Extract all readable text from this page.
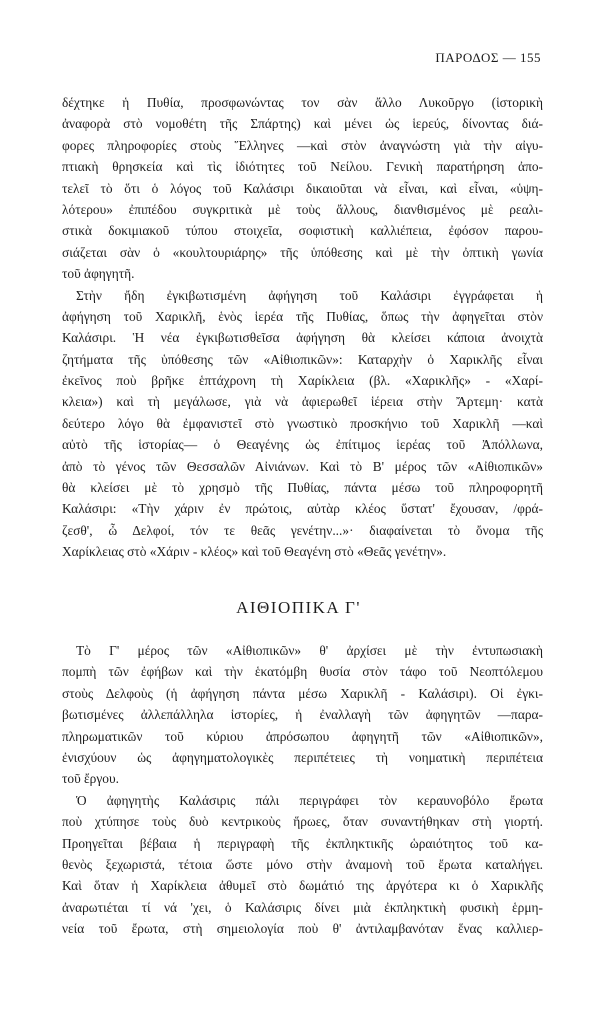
ΠΑΡΟΔΟΣ — 155
δέχτηκε ἡ Πυθία, προσφωνώντας τον σὰν ἄλλο Λυκοῦργο (ἱστορικὴ
ἀναφορὰ στὸ νομοθέτη τῆς Σπάρτης) καὶ μένει ὡς ἱερεύς, δίνοντας διά-
φορες πληροφορίες στοὺς Ἕλληνες —καὶ στὸν ἀναγνώστη γιὰ τὴν αἰγυ-
πτιακὴ θρησκεία καὶ τὶς ἰδιότητες τοῦ Νείλου. Γενικὴ παρατήρηση ἀπο-
τελεῖ τὸ ὅτι ὁ λόγος τοῦ Καλάσιρι δικαιοῦται νὰ εἶναι, καὶ εἶναι, «ὑψη-
λότερου» ἐπιπέδου συγκριτικὰ μὲ τοὺς ἄλλους, διανθισμένος μὲ ρεαλι-
στικὰ δοκιμιακοῦ τύπου στοιχεῖα, σοφιστικὴ καλλιέπεια, ἐφόσον παρου-
σιάζεται σὰν ὁ «κουλτουριάρης» τῆς ὑπόθεσης καὶ μὲ τὴν ὀπτικὴ γωνία
τοῦ ἀφηγητῆ.
Στὴν ἤδη ἐγκιβωτισμένη ἀφήγηση τοῦ Καλάσιρι ἐγγράφεται ἡ
ἀφήγηση τοῦ Χαρικλῆ, ἑνὸς ἱερέα τῆς Πυθίας, ὅπως τὴν ἀφηγεῖται στὸν
Καλάσιρι. Ἡ νέα ἐγκιβωτισθεῖσα ἀφήγηση θὰ κλείσει κάποια ἀνοιχτὰ
ζητήματα τῆς ὑπόθεσης τῶν «Αἰθιοπικῶν»: Καταρχὴν ὁ Χαρικλῆς εἶναι
ἐκεῖνος ποὺ βρῆκε ἑπτάχρονη τὴ Χαρίκλεια (βλ. «Χαρικλῆς» - «Χαρί-
κλεια») καὶ τὴ μεγάλωσε, γιὰ νὰ ἀφιερωθεῖ ἱέρεια στὴν Ἄρτεμη· κατὰ
δεύτερο λόγο θὰ ἐμφανιστεῖ στὸ γνωστικὸ προσκήνιο τοῦ Χαρικλῆ —καὶ
αὐτὸ τῆς ἱστορίας— ὁ Θεαγένης ὡς ἐπίτιμος ἱερέας τοῦ Ἀπόλλωνα,
ἀπὸ τὸ γένος τῶν Θεσσαλῶν Αἰνιάνων. Καὶ τὸ Β' μέρος τῶν «Αἰθιοπικῶν»
θὰ κλείσει μὲ τὸ χρησμὸ τῆς Πυθίας, πάντα μέσω τοῦ πληροφορητῆ
Καλάσιρι: «Τὴν χάριν ἐν πρώτοις, αὐτὰρ κλέος ὕστατ' ἔχουσαν, /φρά-
ζεσθ', ὦ Δελφοί, τόν τε θεᾶς γενέτην...»· διαφαίνεται τὸ ὄνομα τῆς
Χαρίκλειας στὸ «Χάριν - κλέος» καὶ τοῦ Θεαγένη στὸ «Θεᾶς γενέτην».
ΑΙΘΙΟΠΙΚΑ Γ'
Τὸ Γ' μέρος τῶν «Αἰθιοπικῶν» θ' ἀρχίσει μὲ τὴν ἐντυπωσιακὴ
πομπὴ τῶν ἐφήβων καὶ τὴν ἑκατόμβη θυσία στὸν τάφο τοῦ Νεοπτόλεμου
στοὺς Δελφοὺς (ἡ ἀφήγηση πάντα μέσω Χαρικλῆ - Καλάσιρι). Οἱ ἐγκι-
βωτισμένες ἀλλεπάλληλα ἱστορίες, ἡ ἐναλλαγὴ τῶν ἀφηγητῶν —παρα-
πληρωματικῶν τοῦ κύριου ἀπρόσωπου ἀφηγητῆ τῶν «Αἰθιοπικῶν»,
ἐνισχύουν ὡς ἀφηγηματολογικὲς περιπέτειες τὴ νοηματικὴ περιπέτεια
τοῦ ἔργου.
Ὁ ἀφηγητὴς Καλάσιρις πάλι περιγράφει τὸν κεραυνοβόλο ἔρωτα
ποὺ χτύπησε τοὺς δυὸ κεντρικοὺς ἥρωες, ὅταν συναντήθηκαν στὴ γιορτή.
Προηγεῖται βέβαια ἡ περιγραφὴ τῆς ἐκπληκτικῆς ὡραιότητος τοῦ κα-
θενὸς ξεχωριστά, τέτοια ὥστε μόνο στὴν ἀναμονὴ τοῦ ἔρωτα καταλήγει.
Καὶ ὅταν ἡ Χαρίκλεια ἀθυμεῖ στὸ δωμάτιό της ἀργότερα κι ὁ Χαρικλῆς
ἀναρωτιέται τί νά 'χει, ὁ Καλάσιρις δίνει μιὰ ἐκπληκτικὴ φυσικὴ ἑρμη-
νεία τοῦ ἔρωτα, στὴ σημειολογία ποὺ θ' ἀντιλαμβανόταν ἕνας καλλιερ-
